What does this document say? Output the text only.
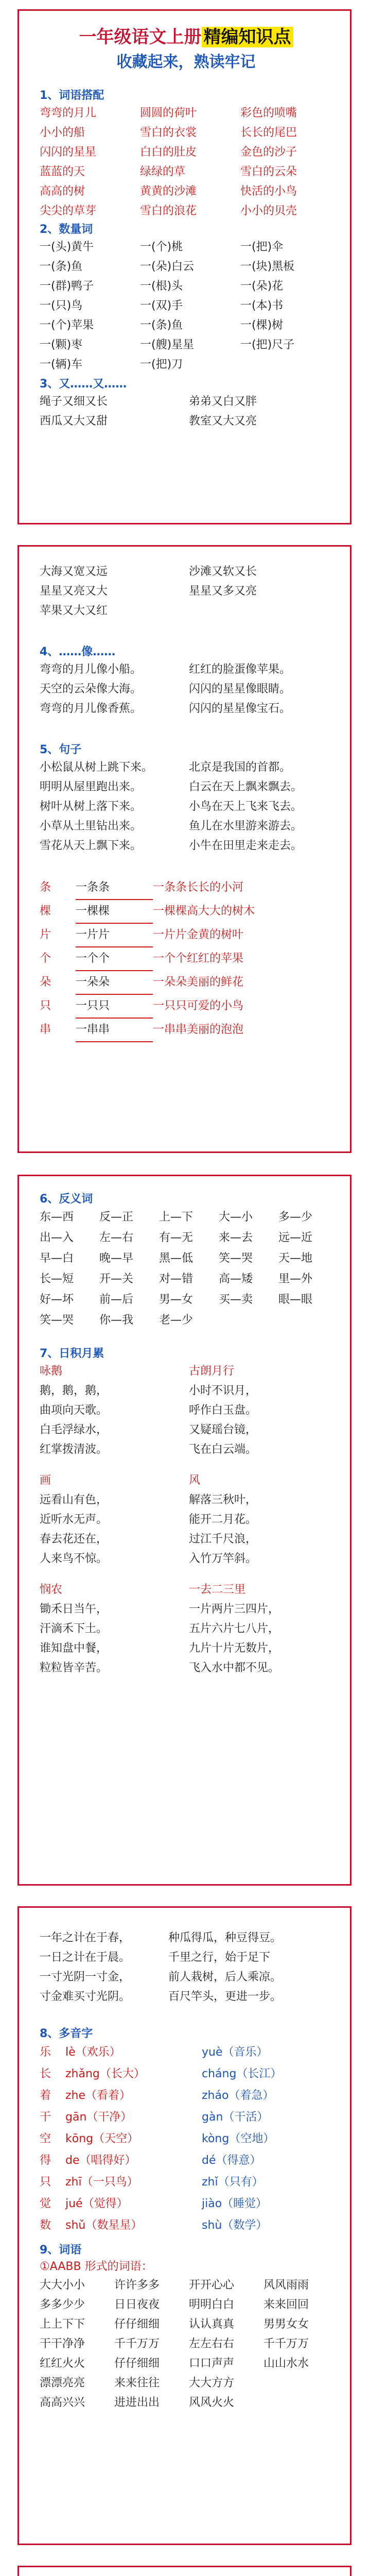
一年级语文上册 精编知识点
收藏起来，熟读牢记
1、词语搭配
弯弯的月儿	圆圆的荷叶	彩色的喷嘴
小小的船	雪白的衣裳	长长的尾巴
闪闪的星星	白白的肚皮	金色的沙子
蓝蓝的天	绿绿的草	雪白的云朵
高高的树	黄黄的沙滩	快活的小鸟
尖尖的草芽	雪白的浪花	小小的贝壳
2、数量词
一(头)黄牛	一(个)桃	一(把)伞
一(条)鱼	一(朵)白云	一(块)黑板
一(群)鸭子	一(根)头	一(朵)花
一(只)鸟	一(双)手	一(本)书
一(个)苹果	一(条)鱼	一(棵)树
一(颗)枣	一(艘)星星	一(把)尺子
一(辆)车	一(把)刀
3、又……又……
绳子又细又长	弟弟又白又胖
西瓜又大又甜	教室又大又亮
大海又宽又远	沙滩又软又长
星星又亮又大	星星又多又亮
苹果又大又红
4、……像……
弯弯的月儿像小船。	红红的脸蛋像苹果。
天空的云朵像大海。	闪闪的星星像眼睛。
弯弯的月儿像香蕉。	闪闪的星星像宝石。
5、句子
小松鼠从树上跳下来。	北京是我国的首都。
明明从屋里跑出来。	白云在天上飘来飘去。
树叶从树上落下来。	小鸟在天上飞来飞去。
小草从土里钻出来。	鱼儿在水里游来游去。
雪花从天上飘下来。	小牛在田里走来走去。
条	一条条	一条条长长的小河
棵	一棵棵	一棵棵高大大的树木
片	一片片	一片片金黄的树叶
个	一个个	一个个红红的苹果
朵	一朵朵	一朵朵美丽的鲜花
只	一只只	一只只可爱的小鸟
串	一串串	一串串美丽的泡泡
6、反义词
东—西	反—正	上—下	大—小	多—少
出—入	左—右	有—无	来—去	远—近
早—白	晚—早	黑—低	笑—哭	天—地
长—短	开—关	对—错	高—矮	里—外
好—坏	前—后	男—女	买—卖	眼—眼
笑—哭	你—我	老—少
7、日积月累
咏鹅	古朗月行
鹅，鹅，鹅，	小时不识月，
曲项向天歌。	呼作白玉盘。
白毛浮绿水，	又疑瑶台镜，
红掌拨清波。	飞在白云端。
画	风
远看山有色，	解落三秋叶，
近听水无声。	能开二月花。
春去花还在，	过江千尺浪，
人来鸟不惊。	入竹万竿斜。
悯农	一去二三里
锄禾日当午，	一片两片三四片，
汗滴禾下土。	五片六片七八片，
谁知盘中餐，	九片十片无数片，
粒粒皆辛苦。	飞入水中都不见。
一年之计在于春，	种瓜得瓜，种豆得豆。
一日之计在于晨。	千里之行，始于足下
一寸光阴一寸金，	前人栽树，后人乘凉。
寸金难买寸光阴。	百尺竿头，更进一步。
8、多音字
乐	lè（欢乐）	yuè（音乐）
长	zhǎng（长大）	cháng（长江）
着	zhe（看着）	zháo（着急）
干	gān（干净）	gàn（干活）
空	kōng（天空）	kòng（空地）
得	de（唱得好）	dé（得意）
只	zhī（一只鸟）	zhǐ（只有）
觉	jué（觉得）	jiào（睡觉）
数	shǔ（数星星）	shù（数学）
9、词语
①AABB 形式的词语：
大大小小	许许多多	开开心心	风风雨雨
多多少少	日日夜夜	明明白白	来来回回
上上下下	仔仔细细	认认真真	男男女女
干干净净	千千万万	左左右右	千千万万
红红火火	仔仔细细	口口声声	山山水水
漂漂亮亮	来来往往	大大方方
高高兴兴	进进出出	风风火火
